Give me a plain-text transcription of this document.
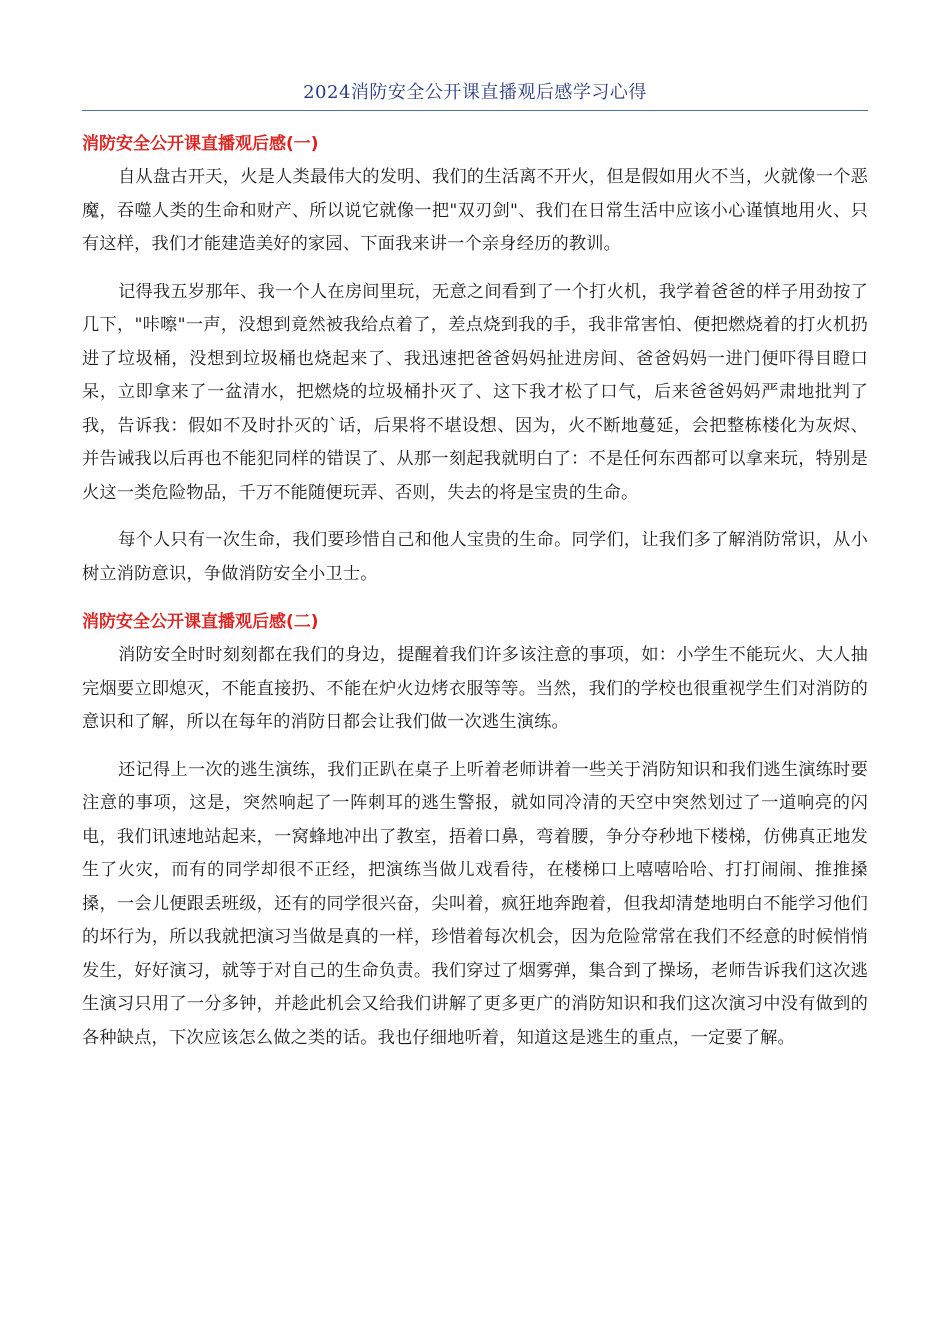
2024消防安全公开课直播观后感学习心得
消防安全公开课直播观后感(一)

自从盘古开天，火是人类最伟大的发明、我们的生活离不开火，但是假如用火不当，火就像一个恶魔，吞噬人类的生命和财产、所以说它就像一把"双刃剑"、我们在日常生活中应该小心谨慎地用火、只有这样，我们才能建造美好的家园、下面我来讲一个亲身经历的教训。

记得我五岁那年、我一个人在房间里玩，无意之间看到了一个打火机，我学着爸爸的样子用劲按了几下，"咔嚓"一声，没想到竟然被我给点着了，差点烧到我的手，我非常害怕、便把燃烧着的打火机扔进了垃圾桶，没想到垃圾桶也烧起来了、我迅速把爸爸妈妈扯进房间、爸爸妈妈一进门便吓得目瞪口呆，立即拿来了一盆清水，把燃烧的垃圾桶扑灭了、这下我才松了口气，后来爸爸妈妈严肃地批判了我，告诉我：假如不及时扑灭的`话，后果将不堪设想、因为，火不断地蔓延，会把整栋楼化为灰烬、并告诫我以后再也不能犯同样的错误了、从那一刻起我就明白了：不是任何东西都可以拿来玩，特别是火这一类危险物品，千万不能随便玩弄、否则，失去的将是宝贵的生命。

每个人只有一次生命，我们要珍惜自己和他人宝贵的生命。同学们，让我们多了解消防常识，从小树立消防意识，争做消防安全小卫士。

消防安全公开课直播观后感(二)

消防安全时时刻刻都在我们的身边，提醒着我们许多该注意的事项，如：小学生不能玩火、大人抽完烟要立即熄灭，不能直接扔、不能在炉火边烤衣服等等。当然，我们的学校也很重视学生们对消防的意识和了解，所以在每年的消防日都会让我们做一次逃生演练。

还记得上一次的逃生演练，我们正趴在桌子上听着老师讲着一些关于消防知识和我们逃生演练时要注意的事项，这是，突然响起了一阵刺耳的逃生警报，就如同冷清的天空中突然划过了一道响亮的闪电，我们讯速地站起来，一窝蜂地冲出了教室，捂着口鼻，弯着腰，争分夺秒地下楼梯，仿佛真正地发生了火灾，而有的同学却很不正经，把演练当做儿戏看待，在楼梯口上嘻嘻哈哈、打打闹闹、推推搡搡，一会儿便跟丢班级，还有的同学很兴奋，尖叫着，疯狂地奔跑着，但我却清楚地明白不能学习他们的坏行为，所以我就把演习当做是真的一样，珍惜着每次机会，因为危险常常在我们不经意的时候悄悄发生，好好演习，就等于对自己的生命负责。我们穿过了烟雾弹，集合到了操场，老师告诉我们这次逃生演习只用了一分多钟，并趁此机会又给我们讲解了更多更广的消防知识和我们这次演习中没有做到的各种缺点，下次应该怎么做之类的话。我也仔细地听着，知道这是逃生的重点，一定要了解。
